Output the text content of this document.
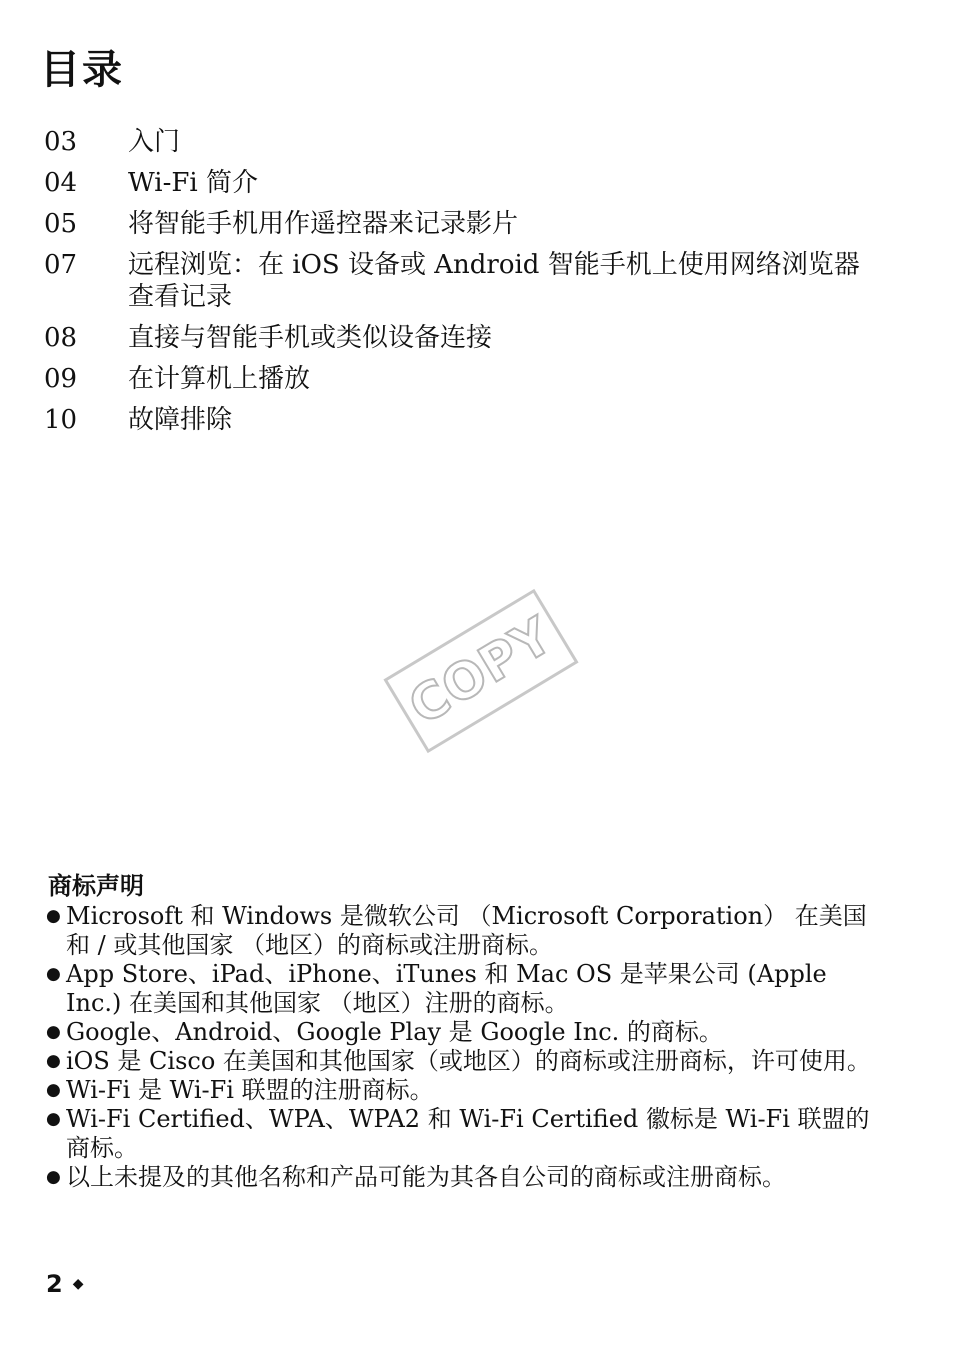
目录
03	入门
04	Wi-Fi 简介
05	将智能手机用作遥控器来记录影片
07	远程浏览：在 iOS 设备或 Android 智能手机上使用网络浏览器查看记录
08	直接与智能手机或类似设备连接
09	在计算机上播放
10	故障排除
COPY
商标声明
● Microsoft 和 Windows 是微软公司 （Microsoft Corporation） 在美国和 / 或其他国家 （地区）的商标或注册商标。
● App Store、iPad、iPhone、iTunes 和 Mac OS 是苹果公司 (Apple Inc.) 在美国和其他国家 （地区）注册的商标。
● Google、Android、Google Play 是 Google Inc. 的商标。
● iOS 是 Cisco 在美国和其他国家（或地区）的商标或注册商标，许可使用。
● Wi-Fi 是 Wi-Fi 联盟的注册商标。
● Wi-Fi Certified、WPA、WPA2 和 Wi-Fi Certified 徽标是 Wi-Fi 联盟的商标。
● 以上未提及的其他名称和产品可能为其各自公司的商标或注册商标。
2 ◆
